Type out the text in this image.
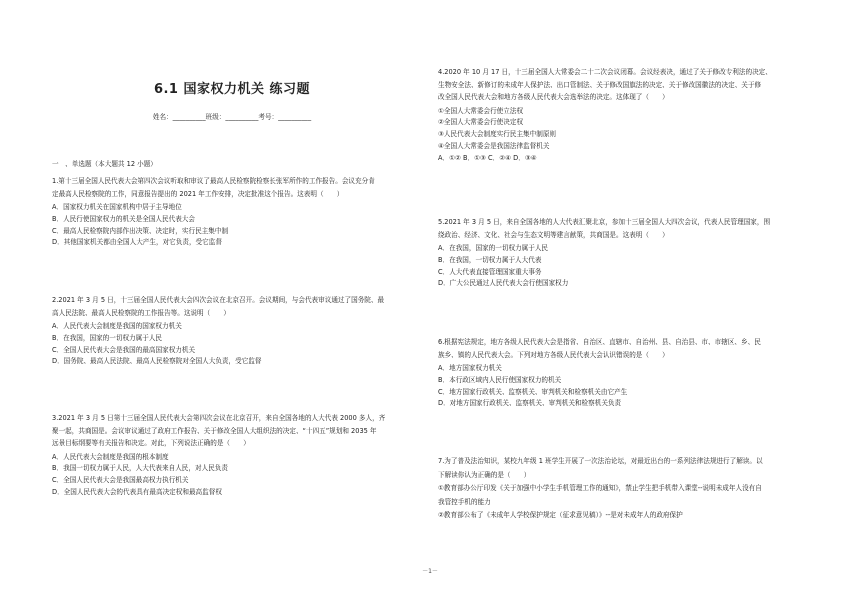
6.1 国家权力机关 练习题
姓名：__________班级：__________考号：__________
一　、单选题（本大题共 12 小题）
1.第十三届全国人民代表大会第四次会议听取和审议了最高人民检察院检察长张军所作的工作报告。会议充分肯
定最高人民检察院的工作，同意报告提出的 2021 年工作安排，决定批准这个报告。这表明（　　）
A．国家权力机关在国家机构中居于主导地位
B．人民行使国家权力的机关是全国人民代表大会
C．最高人民检察院内部作出决策、决定时，实行民主集中制
D．其他国家机关都由全国人大产生，对它负责，受它监督
2.2021 年 3 月 5 日，十三届全国人民代表大会四次会议在北京召开。会议期间，与会代表审议通过了国务院、最
高人民法院、最高人民检察院的工作报告等。这说明（　　）
A．人民代表大会制度是我国的国家权力机关
B．在我国，国家的一切权力属于人民
C．全国人民代表大会是我国的最高国家权力机关
D．国务院、最高人民法院、最高人民检察院对全国人大负责，受它监督
3.2021 年 3 月 5 日第十三届全国人民代表大会第四次会议在北京召开，来自全国各地的人大代表 2000 多人，齐
聚一起，共商国是。会议审议通过了政府工作报告、关于修改全国人大组织法的决定、“十四五”规划和 2035 年
远景目标纲要等有关报告和决定。对此，下列说法正确的是（　　）
A．人民代表大会制度是我国的根本制度
B．我国一切权力属于人民，人大代表来自人民，对人民负责
C．全国人民代表大会是我国最高权力执行机关
D．全国人民代表大会的代表具有最高决定权和最高监督权
4.2020 年 10 月 17 日，十三届全国人大常委会二十二次会议闭幕。会议经表决，通过了关于修改专利法的决定、
生物安全法、新修订的未成年人保护法、出口管制法、关于修改国旗法的决定、关于修改国徽法的决定、关于修
改全国人民代表大会和地方各级人民代表大会选举法的决定。这体现了（　　）
①全国人大常委会行使立法权
②全国人大常委会行使决定权
③人民代表大会制度实行民主集中制原则
④全国人大常委会是我国法律监督机关
A．①② B．①③ C．②④ D．③④
5.2021 年 3 月 5 日，来自全国各地的人大代表汇聚北京，参加十三届全国人大四次会议，代表人民管理国家，围
绕政治、经济、文化、社会与生态文明等建言献策，共商国是。这表明（　　）
A．在我国，国家的一切权力属于人民
B．在我国，一切权力属于人大代表
C．人大代表直接管理国家重大事务
D．广大公民通过人民代表大会行使国家权力
6.根据宪法规定，地方各级人民代表大会是指省、自治区、直辖市、自治州、县、自治县、市、市辖区、乡、民
族乡、镇的人民代表大会。下列对地方各级人民代表大会认识错误的是（　　）
A．地方国家权力机关
B．本行政区域内人民行使国家权力的机关
C．地方国家行政机关、监察机关、审判机关和检察机关由它产生
D．对地方国家行政机关、监察机关、审判机关和检察机关负责
7.为了普及法治知识，某校九年级 1 班学生开展了一次法治论坛，对最近出台的一系列法律法规进行了解读。以
下解读你认为正确的是（　　）
①教育部办公厅印发《关于加强中小学生手机管理工作的通知》，禁止学生把手机带入课堂--说明未成年人没有自
我管控手机的能力
②教育部公布了《未成年人学校保护规定（征求意见稿）》--是对未成年人的政府保护
－1－
